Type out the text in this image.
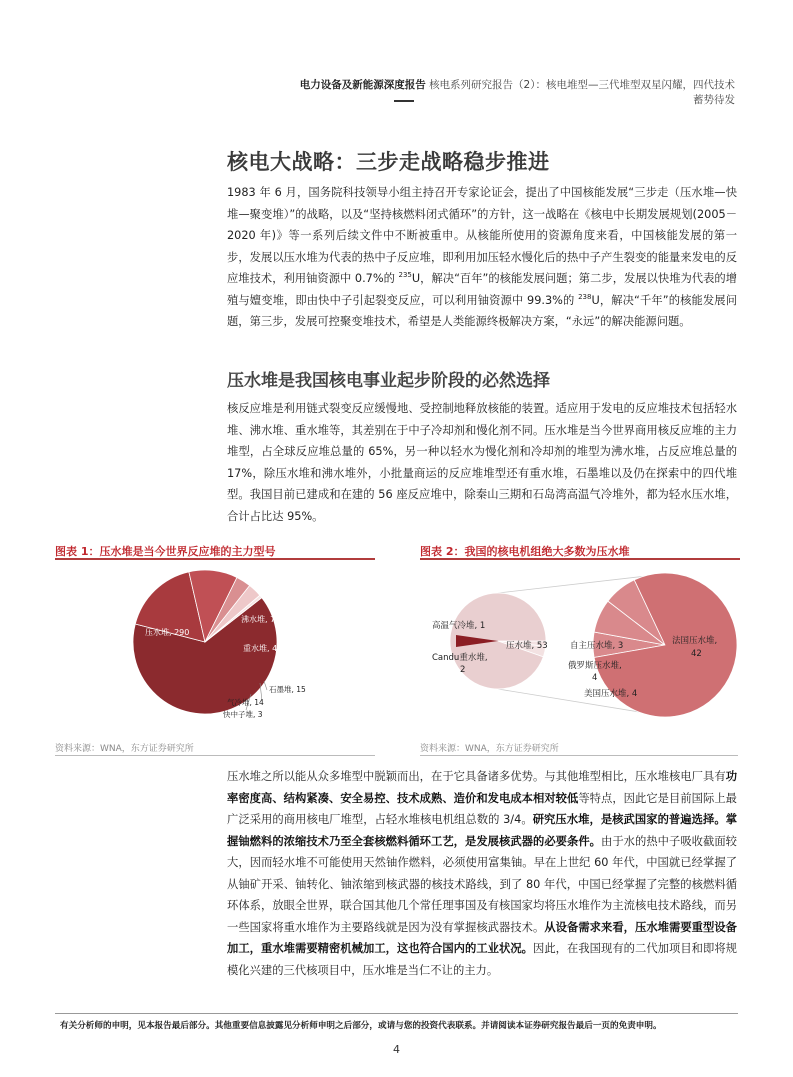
电力设备及新能源深度报告 核电系列研究报告（2）：核电堆型—三代堆型双星闪耀，四代技术
蓄势待发
核电大战略：三步走战略稳步推进
1983 年 6 月，国务院科技领导小组主持召开专家论证会，提出了中国核能发展“三步走（压水堆—快堆—聚变堆）”的战略，以及“坚持核燃料闭式循环”的方针，这一战略在《核电中长期发展规划(2005－2020 年)》等一系列后续文件中不断被重申。从核能所使用的资源角度来看，中国核能发展的第一步，发展以压水堆为代表的热中子反应堆，即利用加压轻水慢化后的热中子产生裂变的能量来发电的反应堆技术，利用铀资源中 0.7%的 $^{235}$U，解决“百年”的核能发展问题；第二步，发展以快堆为代表的增殖与嬗变堆，即由快中子引起裂变反应，可以利用铀资源中 99.3%的 $^{238}$U，解决“千年”的核能发展问题，第三步，发展可控聚变堆技术，希望是人类能源终极解决方案，“永远”的解决能源问题。
压水堆是我国核电事业起步阶段的必然选择
核反应堆是利用链式裂变反应缓慢地、受控制地释放核能的装置。适应用于发电的反应堆技术包括轻水堆、沸水堆、重水堆等，其差别在于中子冷却剂和慢化剂不同。压水堆是当今世界商用核反应堆的主力堆型，占全球反应堆总量的 65%，另一种以轻水为慢化剂和冷却剂的堆型为沸水堆，占反应堆总量的 17%，除压水堆和沸水堆外，小批量商运的反应堆堆型还有重水堆，石墨堆以及仍在探索中的四代堆型。我国目前已建成和在建的 56 座反应堆中，除秦山三期和石岛湾高温气冷堆外，都为轻水压水堆，合计占比达 95%。
图表 1：压水堆是当今世界反应堆的主力型号
压水堆, 290
沸水堆, 78
重水堆, 49
石墨堆, 15
气冷堆, 14
快中子堆, 3
资料来源：WNA，东方证券研究所
图表 2：我国的核电机组绝大多数为压水堆
高温气冷堆, 1
Candu重水堆,
2
压水堆, 53	自主压水堆, 3
俄罗斯压水堆,
4
美国压水堆, 4
法国压水堆,
42
资料来源：WNA，东方证券研究所
压水堆之所以能从众多堆型中脱颖而出，在于它具备诸多优势。与其他堆型相比，压水堆核电厂具有功率密度高、结构紧凑、安全易控、技术成熟、造价和发电成本相对较低等特点，因此它是目前国际上最广泛采用的商用核电厂堆型，占轻水堆核电机组总数的 3/4。研究压水堆，是核武国家的普遍选择。掌握铀燃料的浓缩技术乃至全套核燃料循环工艺，是发展核武器的必要条件。由于水的热中子吸收截面较大，因而轻水堆不可能使用天然铀作燃料，必须使用富集铀。早在上世纪 60 年代，中国就已经掌握了从铀矿开采、铀转化、铀浓缩到核武器的核技术路线，到了 80 年代，中国已经掌握了完整的核燃料循环体系，放眼全世界，联合国其他几个常任理事国及有核国家均将压水堆作为主流核电技术路线，而另一些国家将重水堆作为主要路线就是因为没有掌握核武器技术。从设备需求来看，压水堆需要重型设备加工，重水堆需要精密机械加工，这也符合国内的工业状况。因此，在我国现有的二代加项目和即将规模化兴建的三代核项目中，压水堆是当仁不让的主力。
有关分析师的申明，见本报告最后部分。其他重要信息披露见分析师申明之后部分，或请与您的投资代表联系。并请阅读本证券研究报告最后一页的免责申明。
4
